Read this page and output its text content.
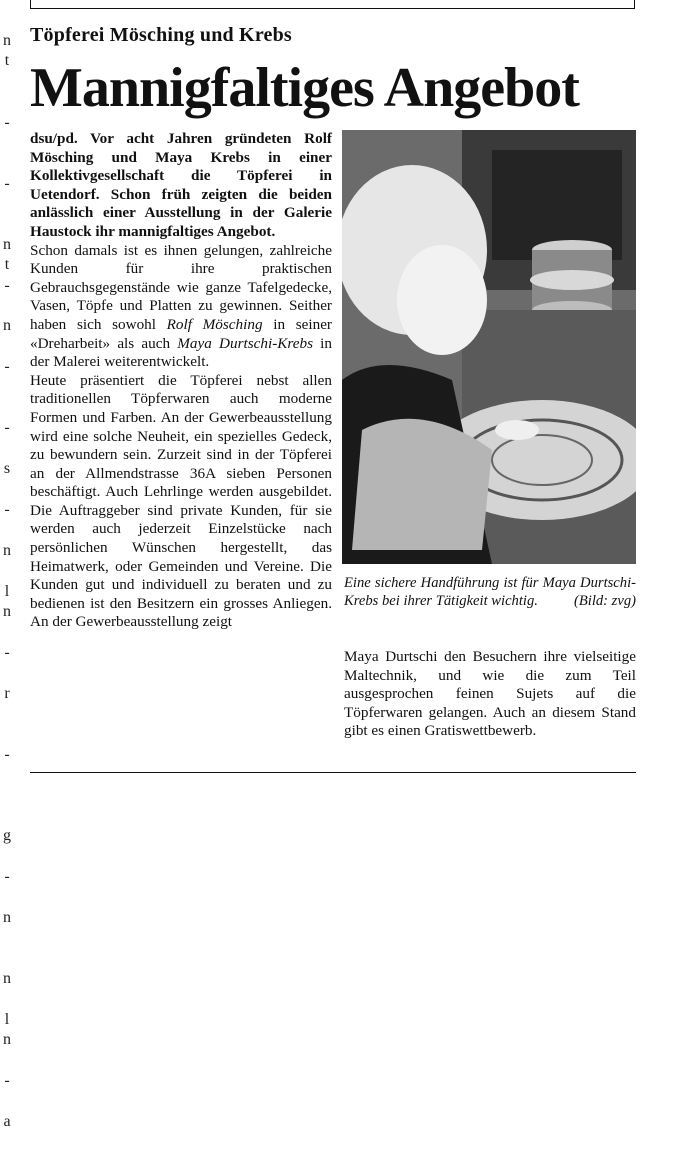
n
t
-
-
n
t
-
n
-
-
s
-
n
l
n
-
r
-
g
-
n
n
l
n
-
a
Töpferei Mösching und Krebs
Mannigfaltiges Angebot

dsu/pd. Vor acht Jahren gründeten Rolf Mösching und Maya Krebs in einer Kollektivgesellschaft die Töpferei in Uetendorf. Schon früh zeigten die beiden anlässlich einer Ausstellung in der Galerie Haustock ihr mannigfaltiges Angebot.

Schon damals ist es ihnen gelungen, zahlreiche Kunden für ihre praktischen Gebrauchsgegenstände wie ganze Tafelgedecke, Vasen, Töpfe und Platten zu gewinnen. Seither haben sich sowohl Rolf Mösching in seiner «Dreharbeit» als auch Maya Durtschi-Krebs in der Malerei weiterentwickelt.

Heute präsentiert die Töpferei nebst allen traditionellen Töpferwaren auch moderne Formen und Farben. An der Gewerbeausstellung wird eine solche Neuheit, ein spezielles Gedeck, zu bewundern sein. Zurzeit sind in der Töpferei an der Allmendstrasse 36A sieben Personen beschäftigt. Auch Lehrlinge werden ausgebildet. Die Auftraggeber sind private Kunden, für sie werden auch jederzeit Einzelstücke nach persönlichen Wünschen hergestellt, das Heimatwerk, oder Gemeinden und Vereine. Die Kunden gut und individuell zu beraten und zu bedienen ist den Besitzern ein grosses Anliegen. An der Gewerbeausstellung zeigt

Eine sichere Handführung ist für Maya Durtschi-Krebs bei ihrer Tätigkeit wichtig. (Bild: zvg)

Maya Durtschi den Besuchern ihre vielseitige Maltechnik, und wie die zum Teil ausgesprochen feinen Sujets auf die Töpferwaren gelangen. Auch an diesem Stand gibt es einen Gratiswettbewerb.
